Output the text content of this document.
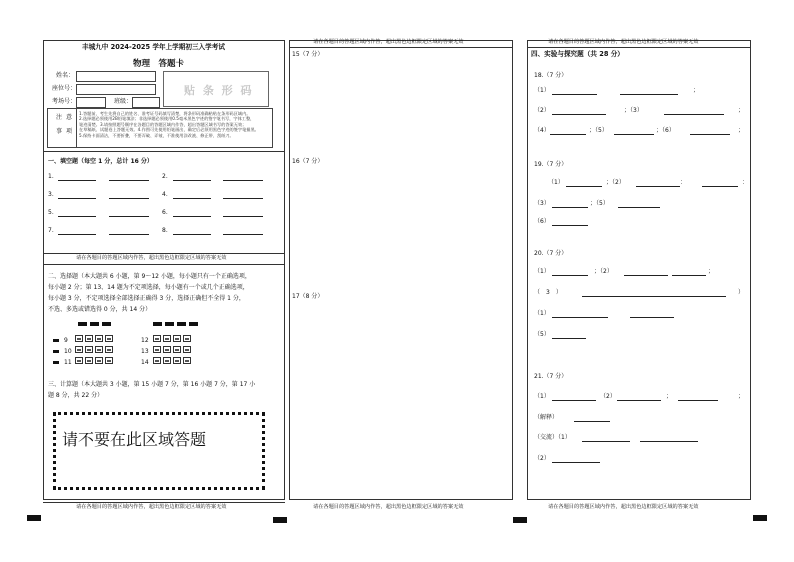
丰城九中 2024-2025 学年上学期初三入学考试
物理　答题卡
姓名：
座位号：
考场号：	班级：
贴 条 形 码
注 意
事 项
1.答题前，考生先将自己的姓名、准考证号码填写清楚，将条形码准确粘贴在条形码区域内。
2.选择题必须使用2B铅笔填涂；非选择题必须使用0.5毫米黑色字迹的签字笔书写，字体工整，
笔迹清楚。3.请按照题号顺序在各题目的答题区域内作答，超出答题区域书写的答案无效；
在草稿纸、试题卷上答题无效。4.作图可先使用铅笔画出，确定后必须用黑色字迹的签字笔描黑。
5.保持卡面清洁，不要折叠，不要弄破、弄皱，不准使用涂改液、修正带、刮纸刀。
一、填空题（每空 1 分，总计 16 分）
1.	2.
3.	4.
5.	6.
7.	8.
请在各题目的答题区域内作答，超出黑色边框限定区域的答案无效
二、选择题（本大题共 6 小题，第 9～12 小题，每小题只有一个正确选项，
每小题 2 分；第 13、14 题为不定项选择，每小题有一个或几个正确选项，
每小题 3 分，不定项选择全部选择正确得 3 分，选择正确但不全得 1 分，
不选、多选或错选得 0 分，共 14 分）
9
10
11
12
13
14
三、计算题（本大题共 3 小题，第 15 小题 7 分，第 16 小题 7 分，第 17 小
题 8 分，共 22 分）
请不要在此区域答题
请在各题目的答题区域内作答，超出黑色边框限定区域的答案无效
请在各题目的答题区域内作答，超出黑色边框限定区域的答案无效
15（7 分）
16（7 分）
17（8 分）
请在各题目的答题区域内作答，超出黑色边框限定区域的答案无效
请在各题目的答题区域内作答，超出黑色边框限定区域的答案无效
四、实验与探究题（共 28 分）
18.（7 分）
（1）	；
（2）	；（3）	；
（4）	；（5）	；（6）	；
19.（7 分）
（1）	；（2）	：	：
（3）	；（5）
（6）
20.（7 分）
（1）	；（2）	；
（　3　）	）
（1）
（5）
21.（7 分）
（1）	（2）	；	；
（解释）
（交流）（1）
（2）
请在各题目的答题区域内作答，超出黑色边框限定区域的答案无效
